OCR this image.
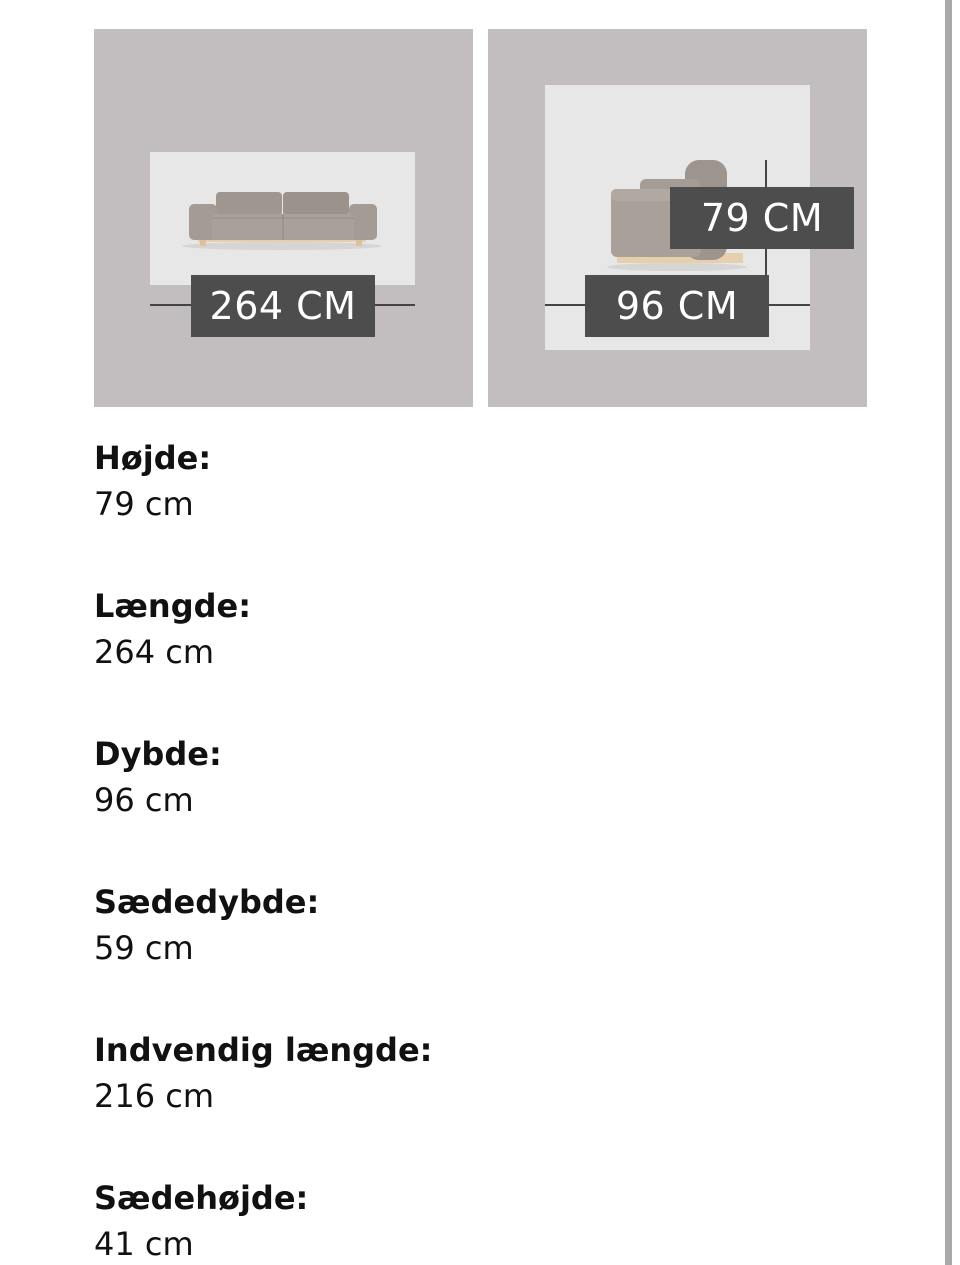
264 CM
79 CM
96 CM
Højde:
79 cm
Længde:
264 cm
Dybde:
96 cm
Sædedybde:
59 cm
Indvendig længde:
216 cm
Sædehøjde:
41 cm
